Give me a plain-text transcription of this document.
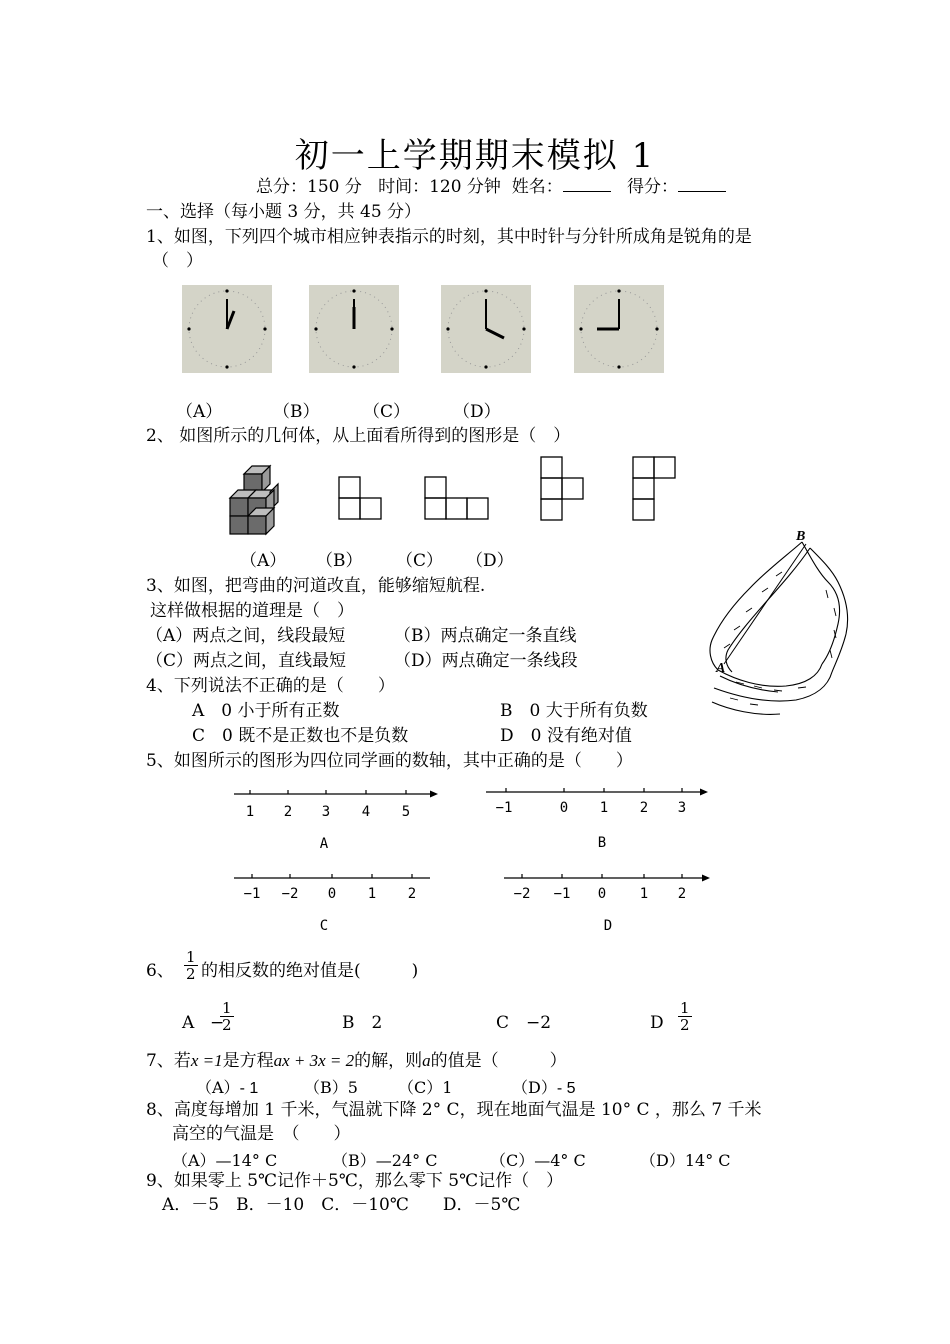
初一上学期期末模拟 1
总分：150 分 时间：120 分钟 姓名：	得分：
一、选择（每小题 3 分，共 45 分）
1、如图，下列四个城市相应钟表指示的时刻，其中时针与分针所成角是锐角的是
（　）
（A）	（B）	（C）	（D）
2、 如图所示的几何体，从上面看所得到的图形是（　）
（A） （B） （C） （D）
3、如图，把弯曲的河道改直，能够缩短航程.
这样做根据的道理是（　）
（A）两点之间，线段最短	（B）两点确定一条直线
（C）两点之间，直线最短	（D）两点确定一条线段
B
A
4、下列说法不正确的是（　　）
A　0 小于所有正数	B　0 大于所有负数
C　0 既不是正数也不是负数	D　0 没有绝对值
5、如图所示的图形为四位同学画的数轴，其中正确的是（　　）
1 2 3 4 5
A
−1	0 1 2 3
B
−1 −2 0 1 2
C
−2 −1 0 1 2
D
6、 $\frac{1}{2}$ 的相反数的绝对值是(　　　)
A −
$\frac{1}{2}$	B　2	C　−2	D $\frac{1}{2}$
7、若x =1是方程ax + 3x = 2的解，则a的值是（　　　）
（A）- 1	（B）5	（C）1	（D）- 5
8、高度每增加 1 千米，气温就下降 2° C，现在地面气温是 10° C ，那么 7 千米
高空的气温是　（　　）
（A）—14° C	（B）—24° C	（C）—4° C	（D）14° C
9、如果零上 5℃记作＋5℃，那么零下 5℃记作（　）
A．－5　B．－10　C．－10℃　　D．－5℃
